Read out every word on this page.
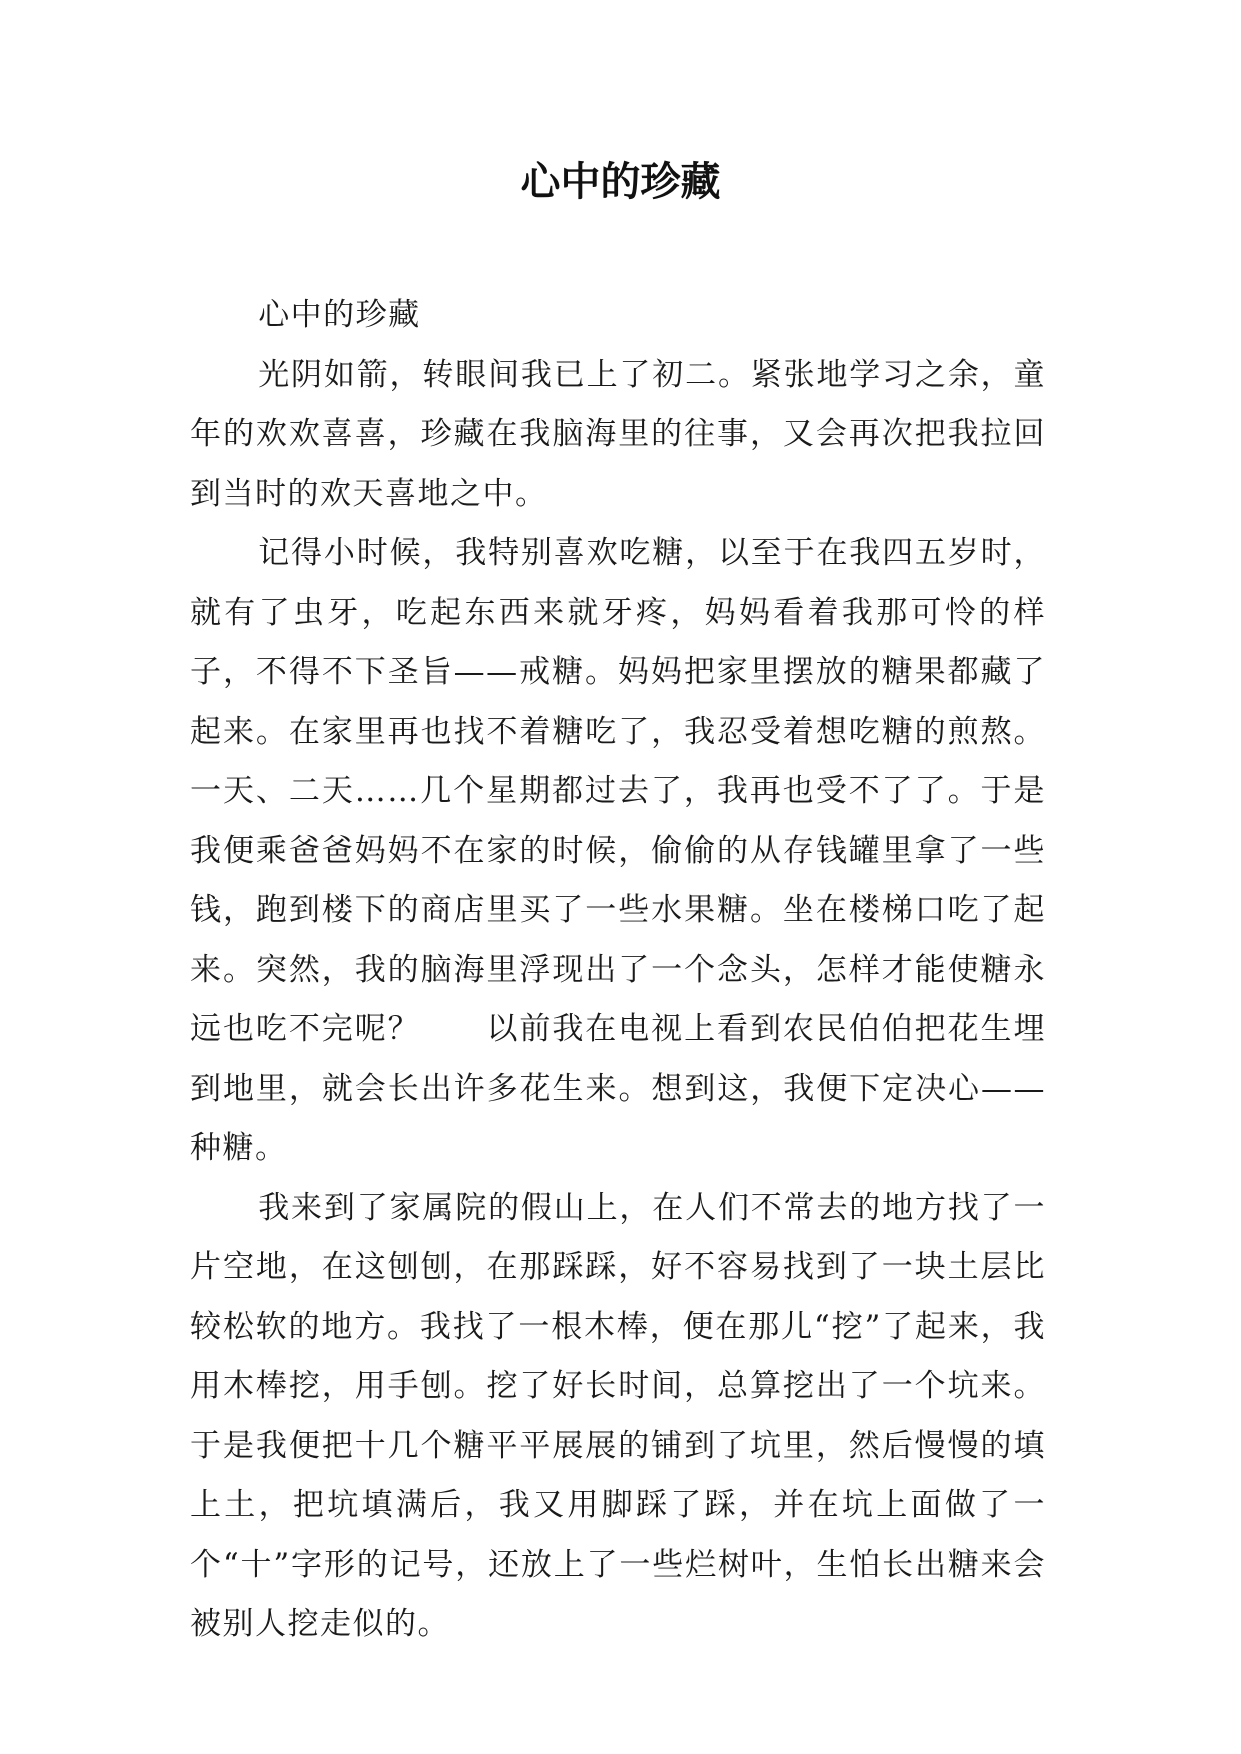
心中的珍藏

心中的珍藏

光阴如箭，转眼间我已上了初二。紧张地学习之余，童年的欢欢喜喜，珍藏在我脑海里的往事，又会再次把我拉回到当时的欢天喜地之中。

记得小时候，我特别喜欢吃糖，以至于在我四五岁时，就有了虫牙，吃起东西来就牙疼，妈妈看着我那可怜的样子，不得不下圣旨——戒糖。妈妈把家里摆放的糖果都藏了起来。在家里再也找不着糖吃了，我忍受着想吃糖的煎熬。一天、二天……几个星期都过去了，我再也受不了了。于是我便乘爸爸妈妈不在家的时候，偷偷的从存钱罐里拿了一些钱，跑到楼下的商店里买了一些水果糖。坐在楼梯口吃了起来。突然，我的脑海里浮现出了一个念头，怎样才能使糖永远也吃不完呢？　　以前我在电视上看到农民伯伯把花生埋到地里，就会长出许多花生来。想到这，我便下定决心——种糖。

我来到了家属院的假山上，在人们不常去的地方找了一片空地，在这刨刨，在那踩踩，好不容易找到了一块土层比较松软的地方。我找了一根木棒，便在那儿“挖”了起来，我用木棒挖，用手刨。挖了好长时间，总算挖出了一个坑来。于是我便把十几个糖平平展展的铺到了坑里，然后慢慢的填上土，把坑填满后，我又用脚踩了踩，并在坑上面做了一个“十”字形的记号，还放上了一些烂树叶，生怕长出糖来会被别人挖走似的。
